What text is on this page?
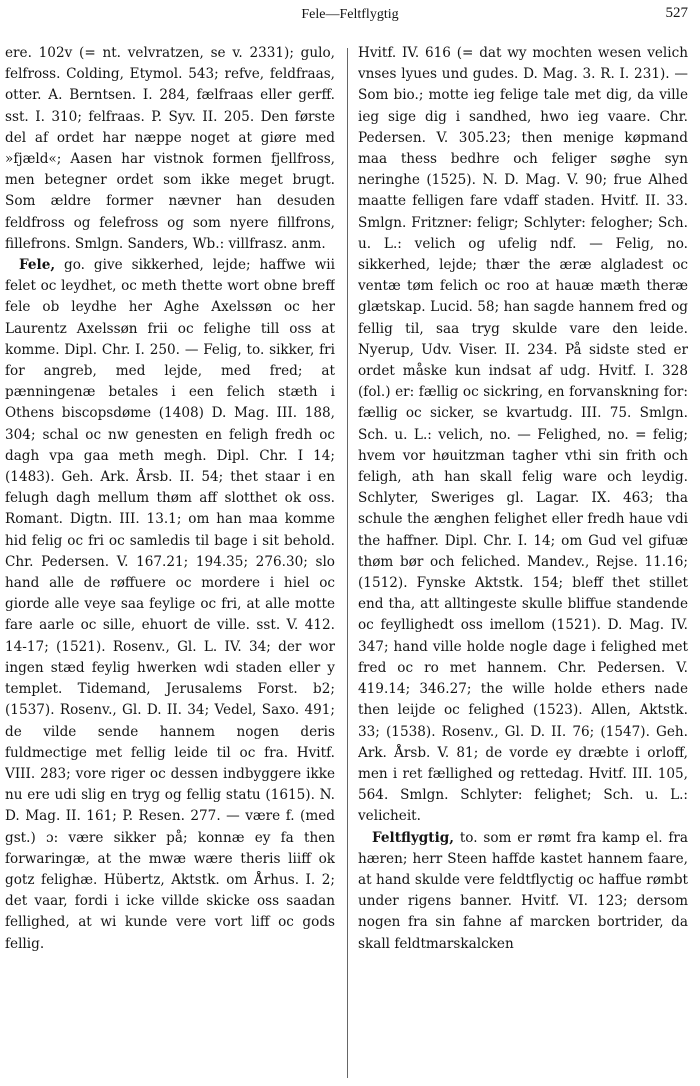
Fele—Feltflygtig	527

ere. 102v (= nt. velvratzen, se v. 2331); gulo, felfross. Colding, Etymol. 543; refve, feldfraas, otter. A. Berntsen. I. 284, fælfraas eller gerff. sst. I. 310; felfraas. P. Syv. II. 205. Den første del af ordet har næppe noget at giøre med »fjæld«; Aasen har vistnok formen fjellfross, men betegner ordet som ikke meget brugt. Som ældre former nævner han desuden feldfross og felefross og som nyere fillfrons, fillefrons. Smlgn. Sanders, Wb.: villfrasz. anm.

Fele, go. give sikkerhed, lejde; haffwe wii felet oc leydhet, oc meth thette wort obne breff fele ob leydhe her Aghe Axelssøn oc her Laurentz Axelssøn frii oc felighe till oss at komme. Dipl. Chr. I. 250. — Felig, to. sikker, fri for angreb, med lejde, med fred; at pænningenæ betales i een felich stæth i Othens biscopsdøme (1408) D. Mag. III. 188, 304; schal oc nw genesten en feligh fredh oc dagh vpa gaa meth megh. Dipl. Chr. I 14; (1483). Geh. Ark. Årsb. II. 54; thet staar i en felugh dagh mellum thøm aff slotthet ok oss. Romant. Digtn. III. 13.1; om han maa komme hid felig oc fri oc samledis til bage i sit behold. Chr. Pedersen. V. 167.21; 194.35; 276.30; slo hand alle de røffuere oc mordere i hiel oc giorde alle veye saa feylige oc fri, at alle motte fare aarle oc sille, ehuort de ville. sst. V. 412. 14-17; (1521). Rosenv., Gl. L. IV. 34; der wor ingen stæd feylig hwerken wdi staden eller y templet. Tidemand, Jerusalems Forst. b2; (1537). Rosenv., Gl. D. II. 34; Vedel, Saxo. 491; de vilde sende hannem nogen deris fuldmectige met fellig leide til oc fra. Hvitf. VIII. 283; vore riger oc dessen indbyggere ikke nu ere udi slig en tryg og fellig statu (1615). N. D. Mag. II. 161; P. Resen. 277. — være f. (med gst.) ɔ: være sikker på; konnæ ey fa then forwaringæ, at the mwæ wære theris liiff ok gotz felighæ. Hübertz, Aktstk. om Århus. I. 2; det vaar, fordi i icke villde skicke oss saadan fellighed, at wi kunde vere vort liff oc gods fellig.

Hvitf. IV. 616 (= dat wy mochten wesen velich vnses lyues und gudes. D. Mag. 3. R. I. 231). — Som bio.; motte ieg felige tale met dig, da ville ieg sige dig i sandhed, hwo ieg vaare. Chr. Pedersen. V. 305.23; then menige køpmand maa thess bedhre och feliger søghe syn neringhe (1525). N. D. Mag. V. 90; frue Alhed maatte felligen fare vdaff staden. Hvitf. II. 33. Smlgn. Fritzner: feligr; Schlyter: felogher; Sch. u. L.: velich og ufelig ndf. — Felig, no. sikkerhed, lejde; thær the æræ algladest oc ventæ tøm felich oc roo at hauæ mæth theræ glætskap. Lucid. 58; han sagde hannem fred og fellig til, saa tryg skulde vare den leide. Nyerup, Udv. Viser. II. 234. På sidste sted er ordet måske kun indsat af udg. Hvitf. I. 328 (fol.) er: fællig oc sickring, en forvanskning for: fællig oc sicker, se kvartudg. III. 75. Smlgn. Sch. u. L.: velich, no. — Felighed, no. = felig; hvem vor høuitzman tagher vthi sin frith och feligh, ath han skall felig ware och leydig. Schlyter, Sweriges gl. Lagar. IX. 463; tha schule the ænghen felighet eller fredh haue vdi the haffner. Dipl. Chr. I. 14; om Gud vel gifuæ thøm bør och feliched. Mandev., Rejse. 11.16; (1512). Fynske Aktstk. 154; bleff thet stillet end tha, att alltingeste skulle bliffue standende oc feyllighedt oss imellom (1521). D. Mag. IV. 347; hand ville holde nogle dage i felighed met fred oc ro met hannem. Chr. Pedersen. V. 419.14; 346.27; the wille holde ethers nade then leijde oc felighed (1523). Allen, Aktstk. 33; (1538). Rosenv., Gl. D. II. 76; (1547). Geh. Ark. Årsb. V. 81; de vorde ey dræbte i orloff, men i ret fællighed og rettedag. Hvitf. III. 105, 564. Smlgn. Schlyter: felighet; Sch. u. L.: velicheit.

Feltflygtig, to. som er rømt fra kamp el. fra hæren; herr Steen haffde kastet hannem faare, at hand skulde vere feldtflyctig oc haffue rømbt under rigens banner. Hvitf. VI. 123; dersom nogen fra sin fahne af marcken bortrider, da skall feldtmarskalcken
